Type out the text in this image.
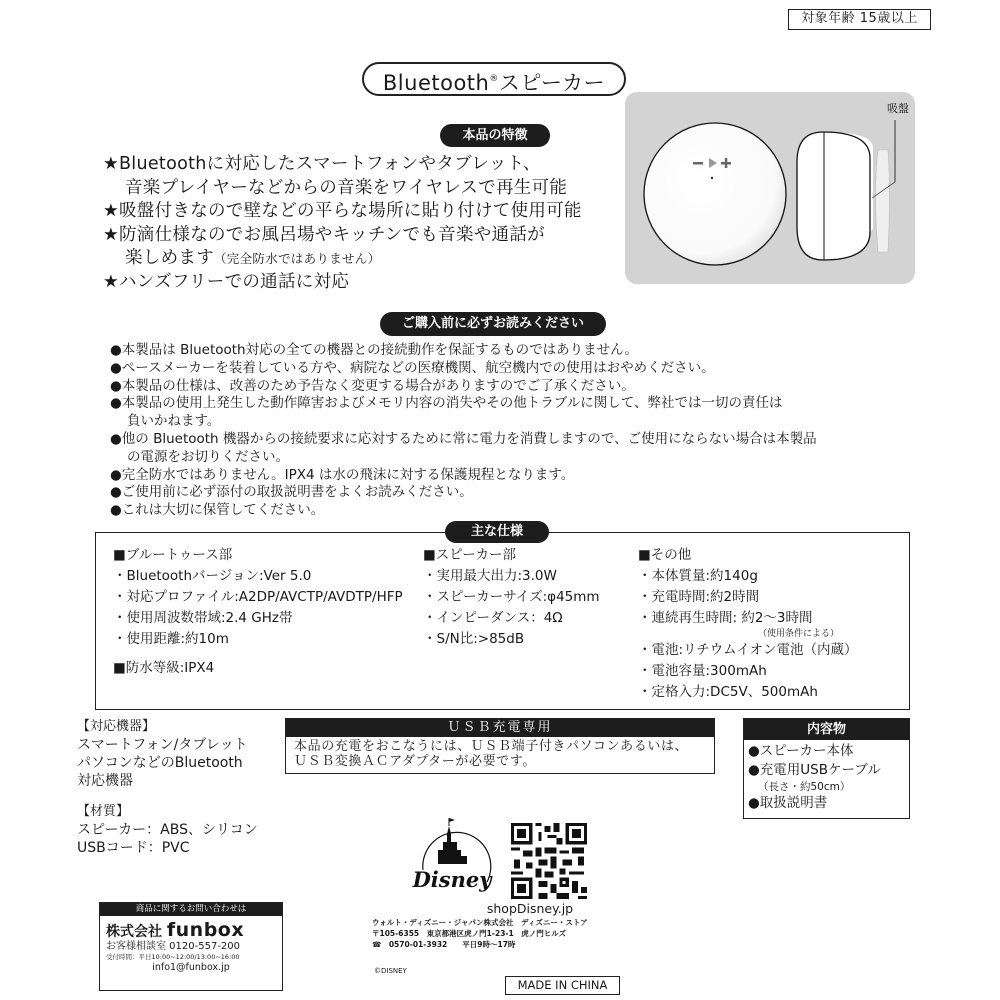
対象年齢 15歳以上
Bluetooth®スピーカー
本品の特徴
★Bluetoothに対応したスマートフォンやタブレット、
音楽プレイヤーなどからの音楽をワイヤレスで再生可能
★吸盤付きなので壁などの平らな場所に貼り付けて使用可能
★防滴仕様なのでお風呂場やキッチンでも音楽や通話が
楽しめます（完全防水ではありません）
★ハンズフリーでの通話に対応
吸盤
ご購入前に必ずお読みください
●本製品は Bluetooth対応の全ての機器との接続動作を保証するものではありません。
●ペースメーカーを装着している方や、病院などの医療機関、航空機内での使用はおやめください。
●本製品の仕様は、改善のため予告なく変更する場合がありますのでご了承ください。
●本製品の使用上発生した動作障害およびメモリ内容の消失やその他トラブルに関して、弊社では一切の責任は
負いかねます。
●他の Bluetooth 機器からの接続要求に応対するために常に電力を消費しますので、ご使用にならない場合は本製品
の電源をお切りください。
●完全防水ではありません。IPX4 は水の飛沫に対する保護規程となります。
●ご使用前に必ず添付の取扱説明書をよくお読みください。
●これは大切に保管してください。
主な仕様
■ブルートゥース部
・Bluetoothバージョン:Ver 5.0
・対応プロファイル:A2DP/AVCTP/AVDTP/HFP
・使用周波数帯域:2.4 GHz帯
・使用距離:約10m
■防水等級:IPX4
■スピーカー部
・実用最大出力:3.0W
・スピーカーサイズ:φ45mm
・インピーダンス：4Ω
・S/N比:>85dB
■その他
・本体質量:約140g
・充電時間:約2時間
・連続再生時間: 約2〜3時間
（使用条件による）
・電池:リチウムイオン電池（内蔵）
・電池容量:300mAh
・定格入力:DC5V、500mAh
【対応機器】
スマートフォン/タブレット
パソコンなどのBluetooth
対応機器
【材質】
スピーカー：ABS、シリコン
USBコード：PVC
ＵＳＢ充電専用
本品の充電をおこなうには、ＵＳＢ端子付きパソコンあるいは、
ＵＳＢ変換ＡＣアダプターが必要です。
内容物
●スピーカー本体
●充電用USBケーブル
（長さ・約50cm）
●取扱説明書
商品に関するお問い合わせは
株式会社 funbox
お客様相談室 0120-557-200
受付時間：平日10:00~12:00/13:00~16:00
info1@funbox.jp
Disney
shopDisney.jp
ウォルト・ディズニー・ジャパン株式会社　ディズニー・ストア
〒105-6355　東京都港区虎ノ門1-23-1　虎ノ門ヒルズ
☎　0570-01-3932　　平日9時〜17時
©DISNEY
MADE IN CHINA
